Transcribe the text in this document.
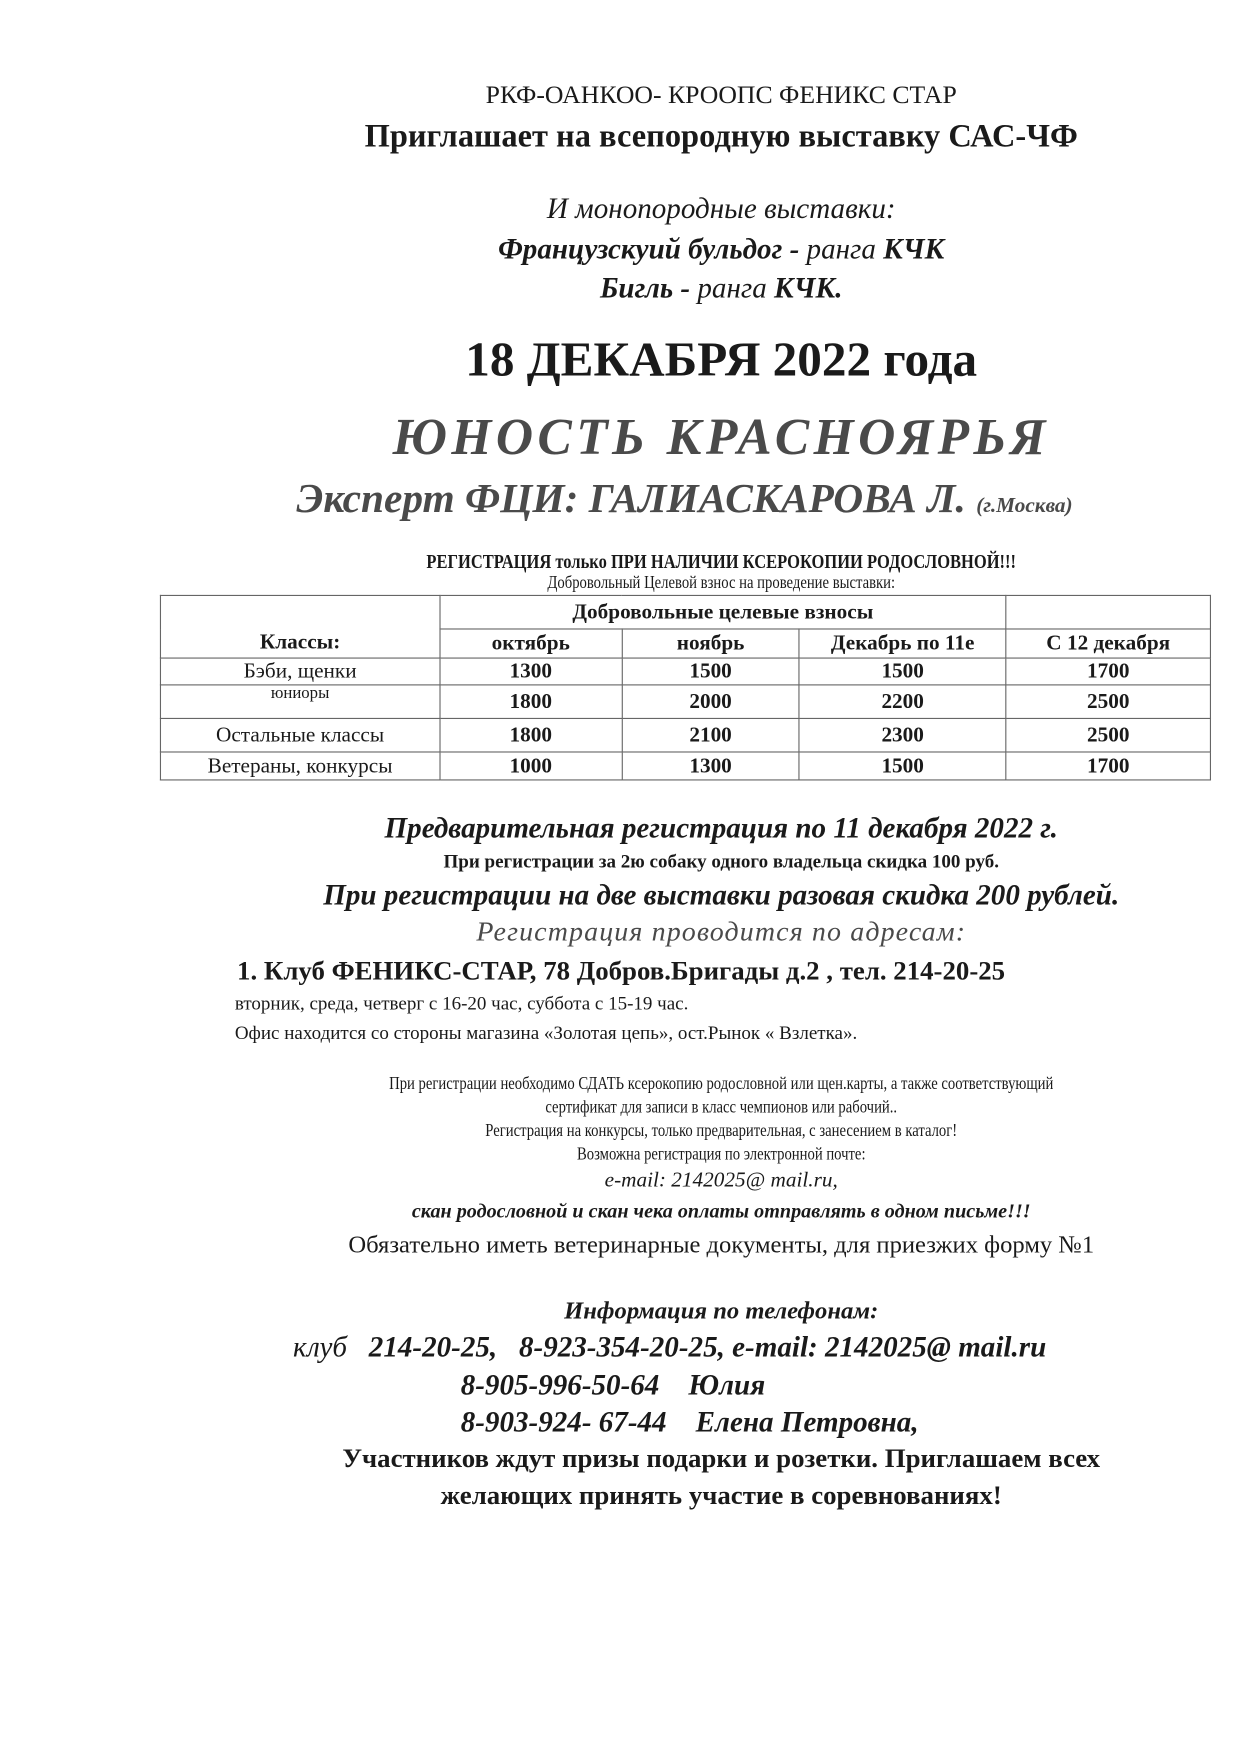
РКФ-ОАНКОО- КРООПС ФЕНИКС СТАР
Приглашает на всепородную выставку САС-ЧФ
И монопородные выставки:
Французскуий бульдог - ранга КЧК
Бигль - ранга КЧК.
18 ДЕКАБРЯ 2022 года
ЮНОСТЬ КРАСНОЯРЬЯ
Эксперт ФЦИ: ГАЛИАСКАРОВА Л. (г.Москва)
РЕГИСТРАЦИЯ только ПРИ НАЛИЧИИ КСЕРОКОПИИ РОДОСЛОВНОЙ!!!
Добровольный Целевой взнос на проведение выставки:
Классы:	Добровольные целевые взносы			
	октябрь	ноябрь	Декабрь по 11е	С 12 декабря
Бэби, щенки	1300	1500	1500	1700
юниоры	1800	2000	2200	2500
Остальные классы	1800	2100	2300	2500
Ветераны, конкурсы	1000	1300	1500	1700
Предварительная регистрация по 11 декабря 2022 г.
При регистрации за 2ю собаку одного владельца скидка 100 руб.
При регистрации на две выставки разовая скидка 200 рублей.
Регистрация проводится по адресам:
1. Клуб ФЕНИКС-СТАР, 78 Добров.Бригады д.2 , тел. 214-20-25
вторник, среда, четверг с 16-20 час, суббота с 15-19 час.
Офис находится со стороны магазина «Золотая цепь», ост.Рынок « Взлетка».
При регистрации необходимо СДАТЬ ксерокопию родословной или щен.карты, а также соответствующий
сертификат для записи в класс чемпионов или рабочий..
Регистрация на конкурсы, только предварительная, с занесением в каталог!
Возможна регистрация по электронной почте:
e-mail: 2142025@ mail.ru,
скан родословной и скан чека оплаты отправлять в одном письме!!!
Обязательно иметь ветеринарные документы, для приезжих форму №1
Информация по телефонам:
клуб   214-20-25,   8-923-354-20-25, e-mail: 2142025@ mail.ru
8-905-996-50-64    Юлия
8-903-924- 67-44    Елена Петровна,
Участников ждут призы подарки и розетки. Приглашаем всех
желающих принять участие в соревнованиях!
